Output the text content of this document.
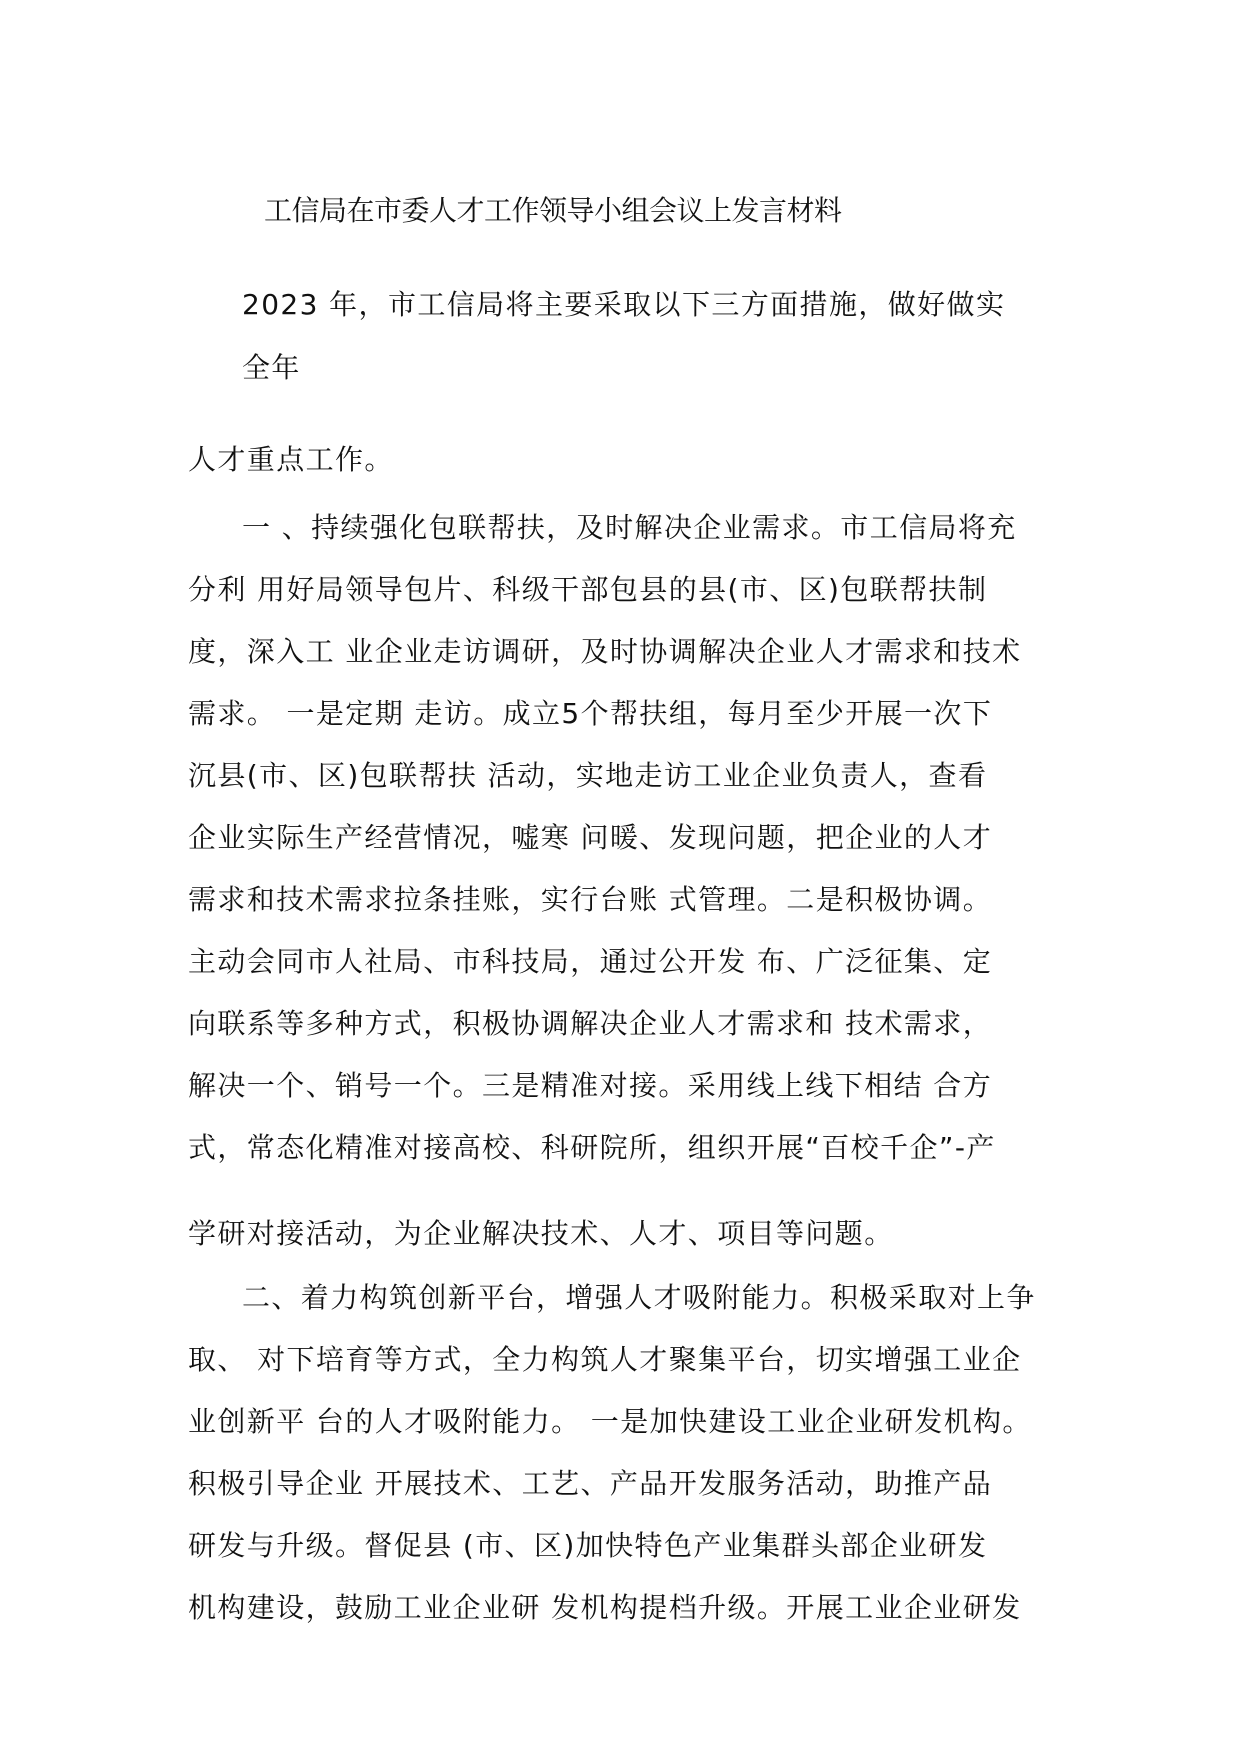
工信局在市委人才工作领导小组会议上发言材料
2023 年，市工信局将主要采取以下三方面措施，做好做实
全年
人才重点工作。
一 、持续强化包联帮扶，及时解决企业需求。市工信局将充
分利 用好局领导包片、科级干部包县的县(市、区)包联帮扶制
度，深入工 业企业走访调研，及时协调解决企业人才需求和技术
需求。 一是定期 走访。成立5个帮扶组，每月至少开展一次下
沉县(市、区)包联帮扶 活动，实地走访工业企业负责人，查看
企业实际生产经营情况，嘘寒 问暖、发现问题，把企业的人才
需求和技术需求拉条挂账，实行台账 式管理。二是积极协调。
主动会同市人社局、市科技局，通过公开发 布、广泛征集、定
向联系等多种方式，积极协调解决企业人才需求和 技术需求，
解决一个、销号一个。三是精准对接。采用线上线下相结 合方
式，常态化精准对接高校、科研院所，组织开展“百校千企”-产
学研对接活动，为企业解决技术、人才、项目等问题。
二、着力构筑创新平台，增强人才吸附能力。积极采取对上争
取、 对下培育等方式，全力构筑人才聚集平台，切实增强工业企
业创新平 台的人才吸附能力。 一是加快建设工业企业研发机构。
积极引导企业 开展技术、工艺、产品开发服务活动，助推产品
研发与升级。督促县 (市、区)加快特色产业集群头部企业研发
机构建设，鼓励工业企业研 发机构提档升级。开展工业企业研发
